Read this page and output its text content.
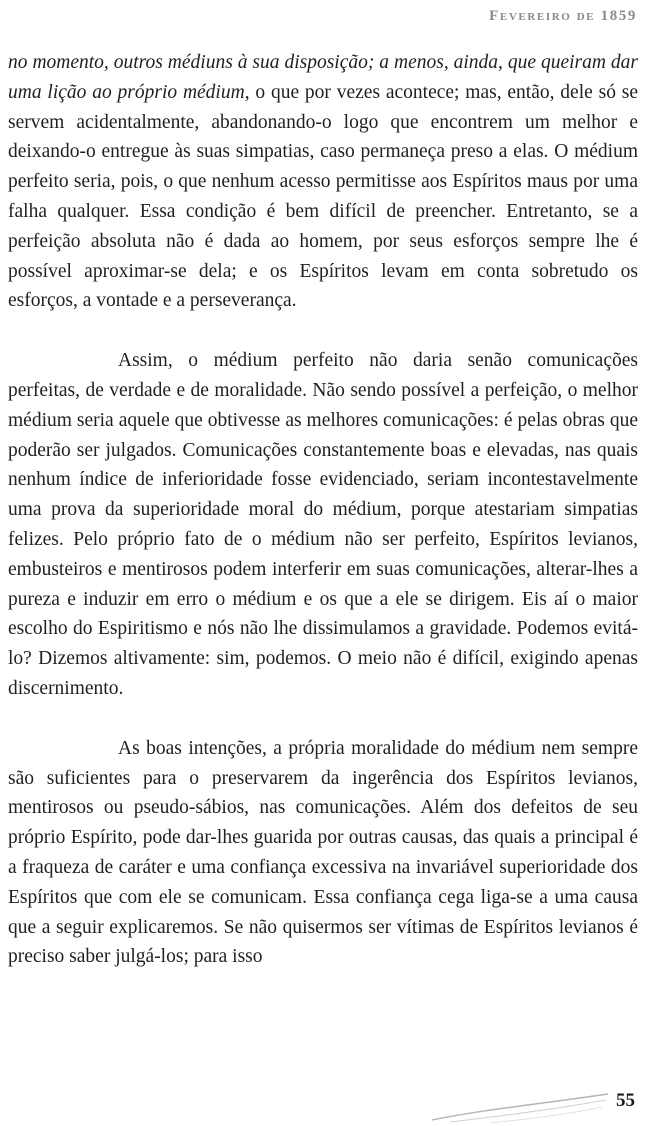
Fevereiro de 1859

no momento, outros médiuns à sua disposição; a menos, ainda, que queiram dar uma lição ao próprio médium, o que por vezes acontece; mas, então, dele só se servem acidentalmente, abandonando-o logo que encontrem um melhor e deixando-o entregue às suas simpatias, caso permaneça preso a elas. O médium perfeito seria, pois, o que nenhum acesso permitisse aos Espíritos maus por uma falha qualquer. Essa condição é bem difícil de preencher. Entretanto, se a perfeição absoluta não é dada ao homem, por seus esforços sempre lhe é possível aproximar-se dela; e os Espíritos levam em conta sobretudo os esforços, a vontade e a perseverança.

Assim, o médium perfeito não daria senão comunicações perfeitas, de verdade e de moralidade. Não sendo possível a perfeição, o melhor médium seria aquele que obtivesse as melhores comunicações: é pelas obras que poderão ser julgados. Comunicações constantemente boas e elevadas, nas quais nenhum índice de inferioridade fosse evidenciado, seriam incontestavelmente uma prova da superioridade moral do médium, porque atestariam simpatias felizes. Pelo próprio fato de o médium não ser perfeito, Espíritos levianos, embusteiros e mentirosos podem interferir em suas comunicações, alterar-lhes a pureza e induzir em erro o médium e os que a ele se dirigem. Eis aí o maior escolho do Espiritismo e nós não lhe dissimulamos a gravidade. Podemos evitá-lo? Dizemos altivamente: sim, podemos. O meio não é difícil, exigindo apenas discernimento.

As boas intenções, a própria moralidade do médium nem sempre são suficientes para o preservarem da ingerência dos Espíritos levianos, mentirosos ou pseudo-sábios, nas comunicações. Além dos defeitos de seu próprio Espírito, pode dar-lhes guarida por outras causas, das quais a principal é a fraqueza de caráter e uma confiança excessiva na invariável superioridade dos Espíritos que com ele se comunicam. Essa confiança cega liga-se a uma causa que a seguir explicaremos. Se não quisermos ser vítimas de Espíritos levianos é preciso saber julgá-los; para isso

55
